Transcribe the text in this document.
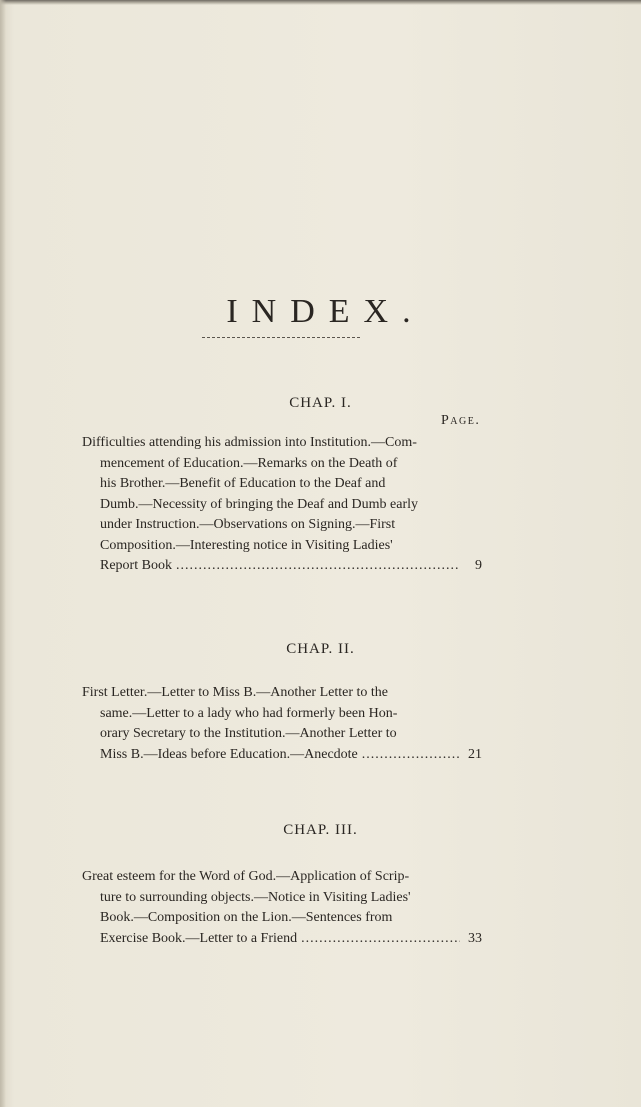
INDEX.
CHAP. I.
Page.
Difficulties attending his admission into Institution.—Com-
mencement of Education.—Remarks on the Death of
his Brother.—Benefit of Education to the Deaf and
Dumb.—Necessity of bringing the Deaf and Dumb early
under Instruction.—Observations on Signing.—First
Composition.—Interesting notice in Visiting Ladies'
Report Book .....	9
CHAP. II.
First Letter.—Letter to Miss B.—Another Letter to the
same.—Letter to a lady who had formerly been Hon-
orary Secretary to the Institution.—Another Letter to
Miss B.—Ideas before Education.—Anecdote .....	21
CHAP. III.
Great esteem for the Word of God.—Application of Scrip-
ture to surrounding objects.—Notice in Visiting Ladies'
Book.—Composition on the Lion.—Sentences from
Exercise Book.—Letter to a Friend .....	33
